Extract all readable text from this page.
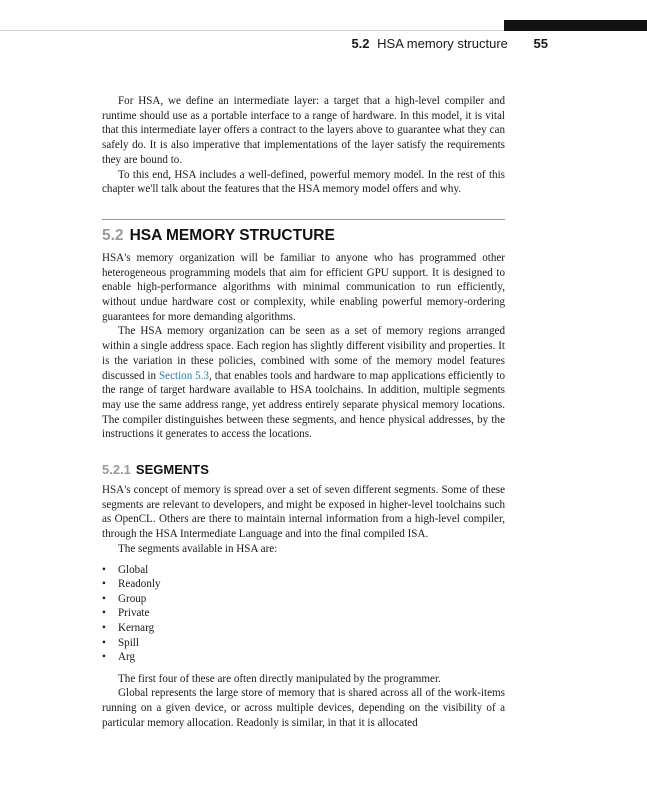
5.2 HSA memory structure 55

For HSA, we define an intermediate layer: a target that a high-level compiler and runtime should use as a portable interface to a range of hardware. In this model, it is vital that this intermediate layer offers a contract to the layers above to guarantee what they can safely do. It is also imperative that implementations of the layer satisfy the requirements they are bound to.

To this end, HSA includes a well-defined, powerful memory model. In the rest of this chapter we'll talk about the features that the HSA memory model offers and why.

5.2 HSA MEMORY STRUCTURE

HSA's memory organization will be familiar to anyone who has programmed other heterogeneous programming models that aim for efficient GPU support. It is designed to enable high-performance algorithms with minimal communication to run efficiently, without undue hardware cost or complexity, while enabling powerful memory-ordering guarantees for more demanding algorithms.

The HSA memory organization can be seen as a set of memory regions arranged within a single address space. Each region has slightly different visibility and properties. It is the variation in these policies, combined with some of the memory model features discussed in Section 5.3, that enables tools and hardware to map applications efficiently to the range of target hardware available to HSA toolchains. In addition, multiple segments may use the same address range, yet address entirely separate physical memory locations. The compiler distinguishes between these segments, and hence physical addresses, by the instructions it generates to access the locations.

5.2.1 SEGMENTS

HSA's concept of memory is spread over a set of seven different segments. Some of these segments are relevant to developers, and might be exposed in higher-level toolchains such as OpenCL. Others are there to maintain internal information from a high-level compiler, through the HSA Intermediate Language and into the final compiled ISA.

The segments available in HSA are:

• Global
• Readonly
• Group
• Private
• Kernarg
• Spill
• Arg

The first four of these are often directly manipulated by the programmer.

Global represents the large store of memory that is shared across all of the work-items running on a given device, or across multiple devices, depending on the visibility of a particular memory allocation. Readonly is similar, in that it is allocated
